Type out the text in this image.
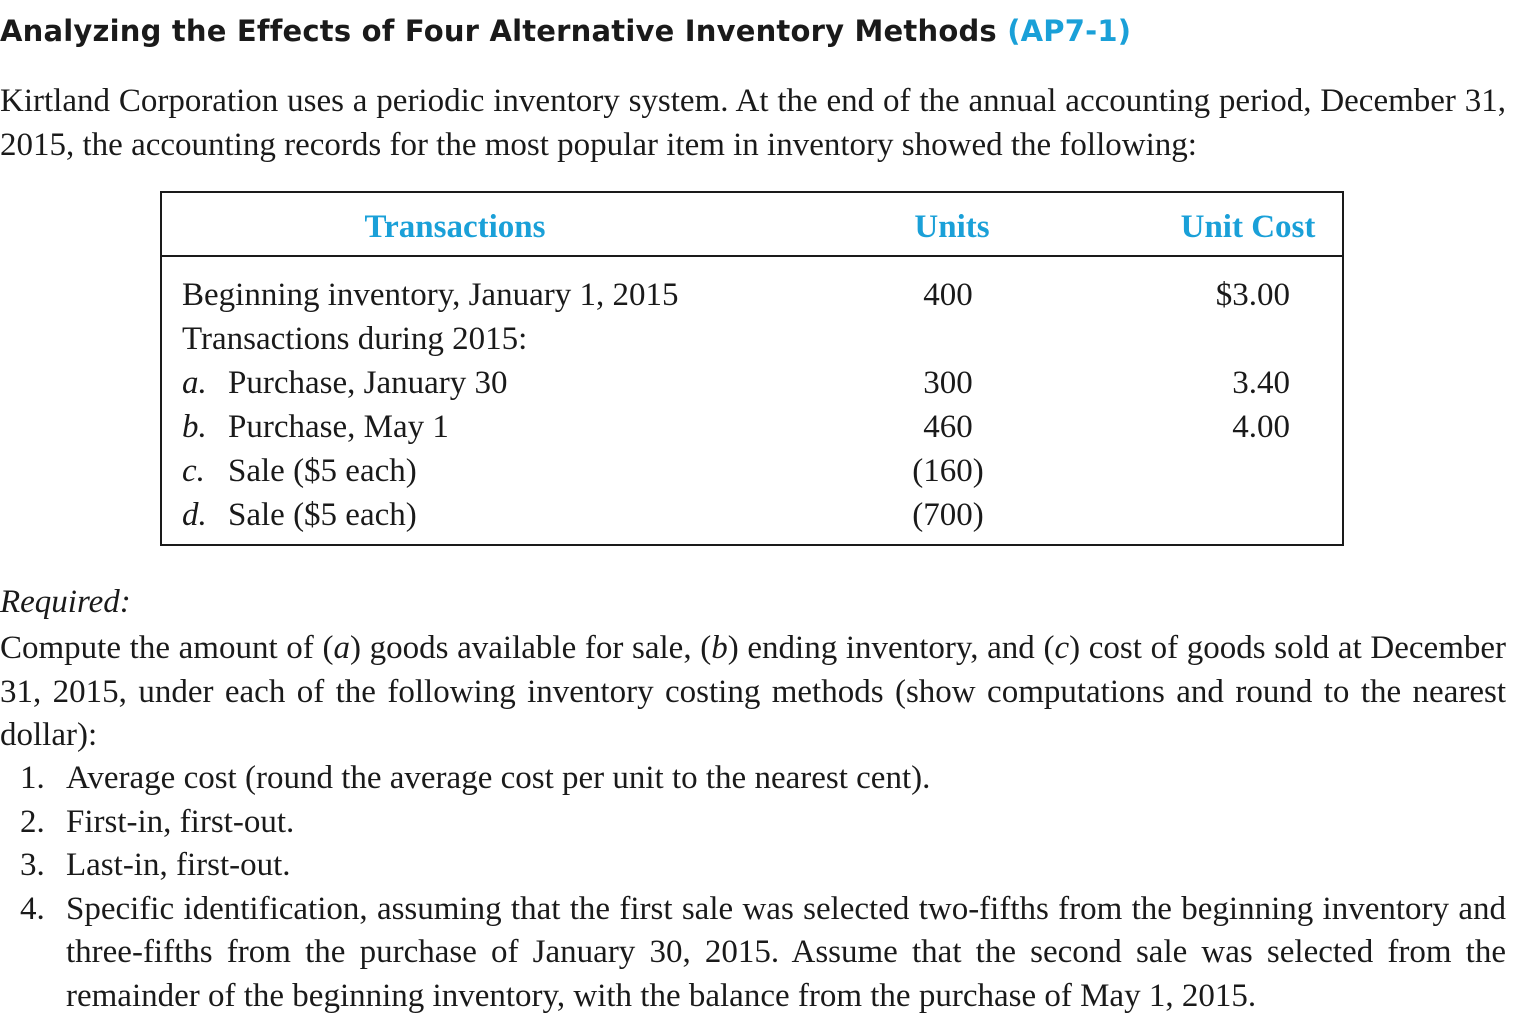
Analyzing the Effects of Four Alternative Inventory Methods (AP7-1)
Kirtland Corporation uses a periodic inventory system. At the end of the annual accounting period, December 31, 2015, the accounting records for the most popular item in inventory showed the following:
Transactions	Units	Unit Cost
Beginning inventory, January 1, 2015	400	$3.00
Transactions during 2015:
a. Purchase, January 30	300	3.40
b. Purchase, May 1	460	4.00
c. Sale ($5 each)	(160)
d. Sale ($5 each)	(700)
Required:
Compute the amount of (a) goods available for sale, (b) ending inventory, and (c) cost of goods sold at December 31, 2015, under each of the following inventory costing methods (show computations and round to the nearest dollar):
1. Average cost (round the average cost per unit to the nearest cent).
2. First-in, first-out.
3. Last-in, first-out.
4. Specific identification, assuming that the first sale was selected two-fifths from the beginning inventory and three-fifths from the purchase of January 30, 2015. Assume that the second sale was selected from the remainder of the beginning inventory, with the balance from the purchase of May 1, 2015.
